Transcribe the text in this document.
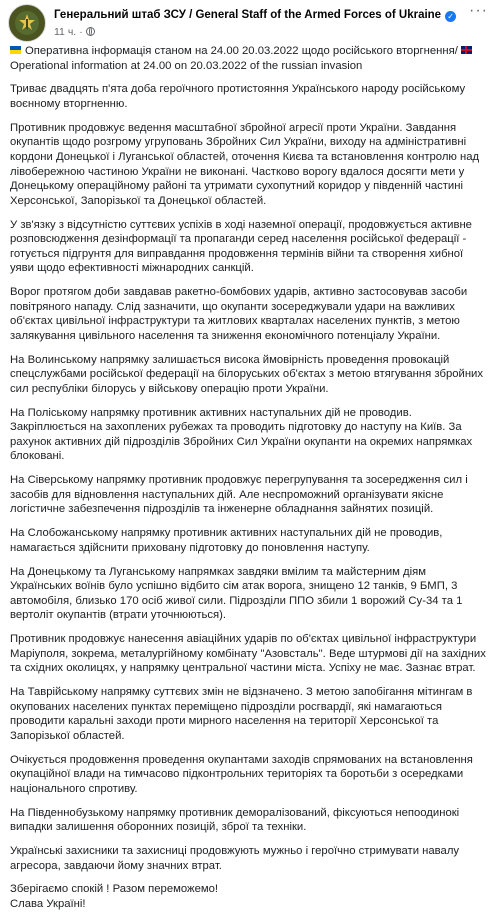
Генеральний штаб ЗСУ / General Staff of the Armed Forces of Ukraine ✓
11 ч. ·
···

Оперативна інформація станом на 24.00 20.03.2022 щодо російського вторгнення/
Operational information at 24.00 on 20.03.2022 of the russian invasion

Триває двадцять п'ята доба героїчного протистояння Українського народу російському воєнному вторгненню.

Противник продовжує ведення масштабної збройної агресії проти України. Завдання окупантів щодо розгрому угруповань Збройних Сил України, виходу на адміністративні кордони Донецької і Луганської областей, оточення Києва та встановлення контролю над лівобережною частиною України не виконані. Частково ворогу вдалося досягти мети у Донецькому операційному районі та утримати сухопутний коридор у південній частині Херсонської, Запорізької та Донецької областей.

У зв'язку з відсутністю суттєвих успіхів в ході наземної операції, продовжується активне розповсюдження дезінформації та пропаганди серед населення російської федерації - готується підгрунтя для виправдання продовження термінів війни та створення хибної уяви щодо ефективності міжнародних санкцій.

Ворог протягом доби завдавав ракетно-бомбових ударів, активно застосовував засоби повітряного нападу. Слід зазначити, що окупанти зосереджували удари на важливих об'єктах цивільної інфраструктури та житлових кварталах населених пунктів, з метою залякування цивільного населення та зниження економічного потенціалу України.

На Волинському напрямку залишається висока ймовірність проведення провокацій спецслужбами російської федерації на білоруських об'єктах з метою втягування збройних сил республіки білорусь у військову операцію проти України.

На Поліському напрямку противник активних наступальних дій не проводив. Закріплюється на захоплених рубежах та проводить підготовку до наступу на Київ. За рахунок активних дій підрозділів Збройних Сил України окупанти на окремих напрямках блоковані.

На Сіверському напрямку противник продовжує перегрупування та зосередження сил і засобів для відновлення наступальних дій. Але неспроможний організувати якісне логістичне забезпечення підрозділів та інженерне обладнання зайнятих позицій.

На Слобожанському напрямку противник активних наступальних дій не проводив, намагається здійснити приховану підготовку до поновлення наступу.

На Донецькому та Луганському напрямках завдяки вмілим та майстерним діям Українських воїнів було успішно відбито сім атак ворога, знищено 12 танків, 9 БМП, 3 автомобіля, близько 170 осіб живої сили. Підрозділи ППО збили 1 ворожий Су-34 та 1 вертоліт окупантів (втрати уточнюються).

Противник продовжує нанесення авіаційних ударів по об'єктах цивільної інфраструктури Маріуполя, зокрема, металургійному комбінату "Азовсталь". Веде штурмові дії на західних та східних околицях, у напрямку центральної частини міста. Успіху не має. Зазнає втрат.

На Таврійському напрямку суттєвих змін не відзначено. З метою запобігання мітингам в окупованих населених пунктах переміщено підрозділи росгвардії, які намагаються проводити каральні заходи проти мирного населення на території Херсонської та Запорізької областей.

Очікується продовження проведення окупантами заходів спрямованих на встановлення окупаційної влади на тимчасово підконтрольних територіях та боротьби з осередками національного спротиву.

На Південнобузькому напрямку противник деморалізований, фіксуються непоодинокі випадки залишення оборонних позицій, зброї та техніки.

Українські захисники та захисниці продовжують мужньо і героїчно стримувати навалу агресора, завдаючи йому значних втрат.

Зберігаємо спокій ! Разом переможемо!
Слава Україні!
